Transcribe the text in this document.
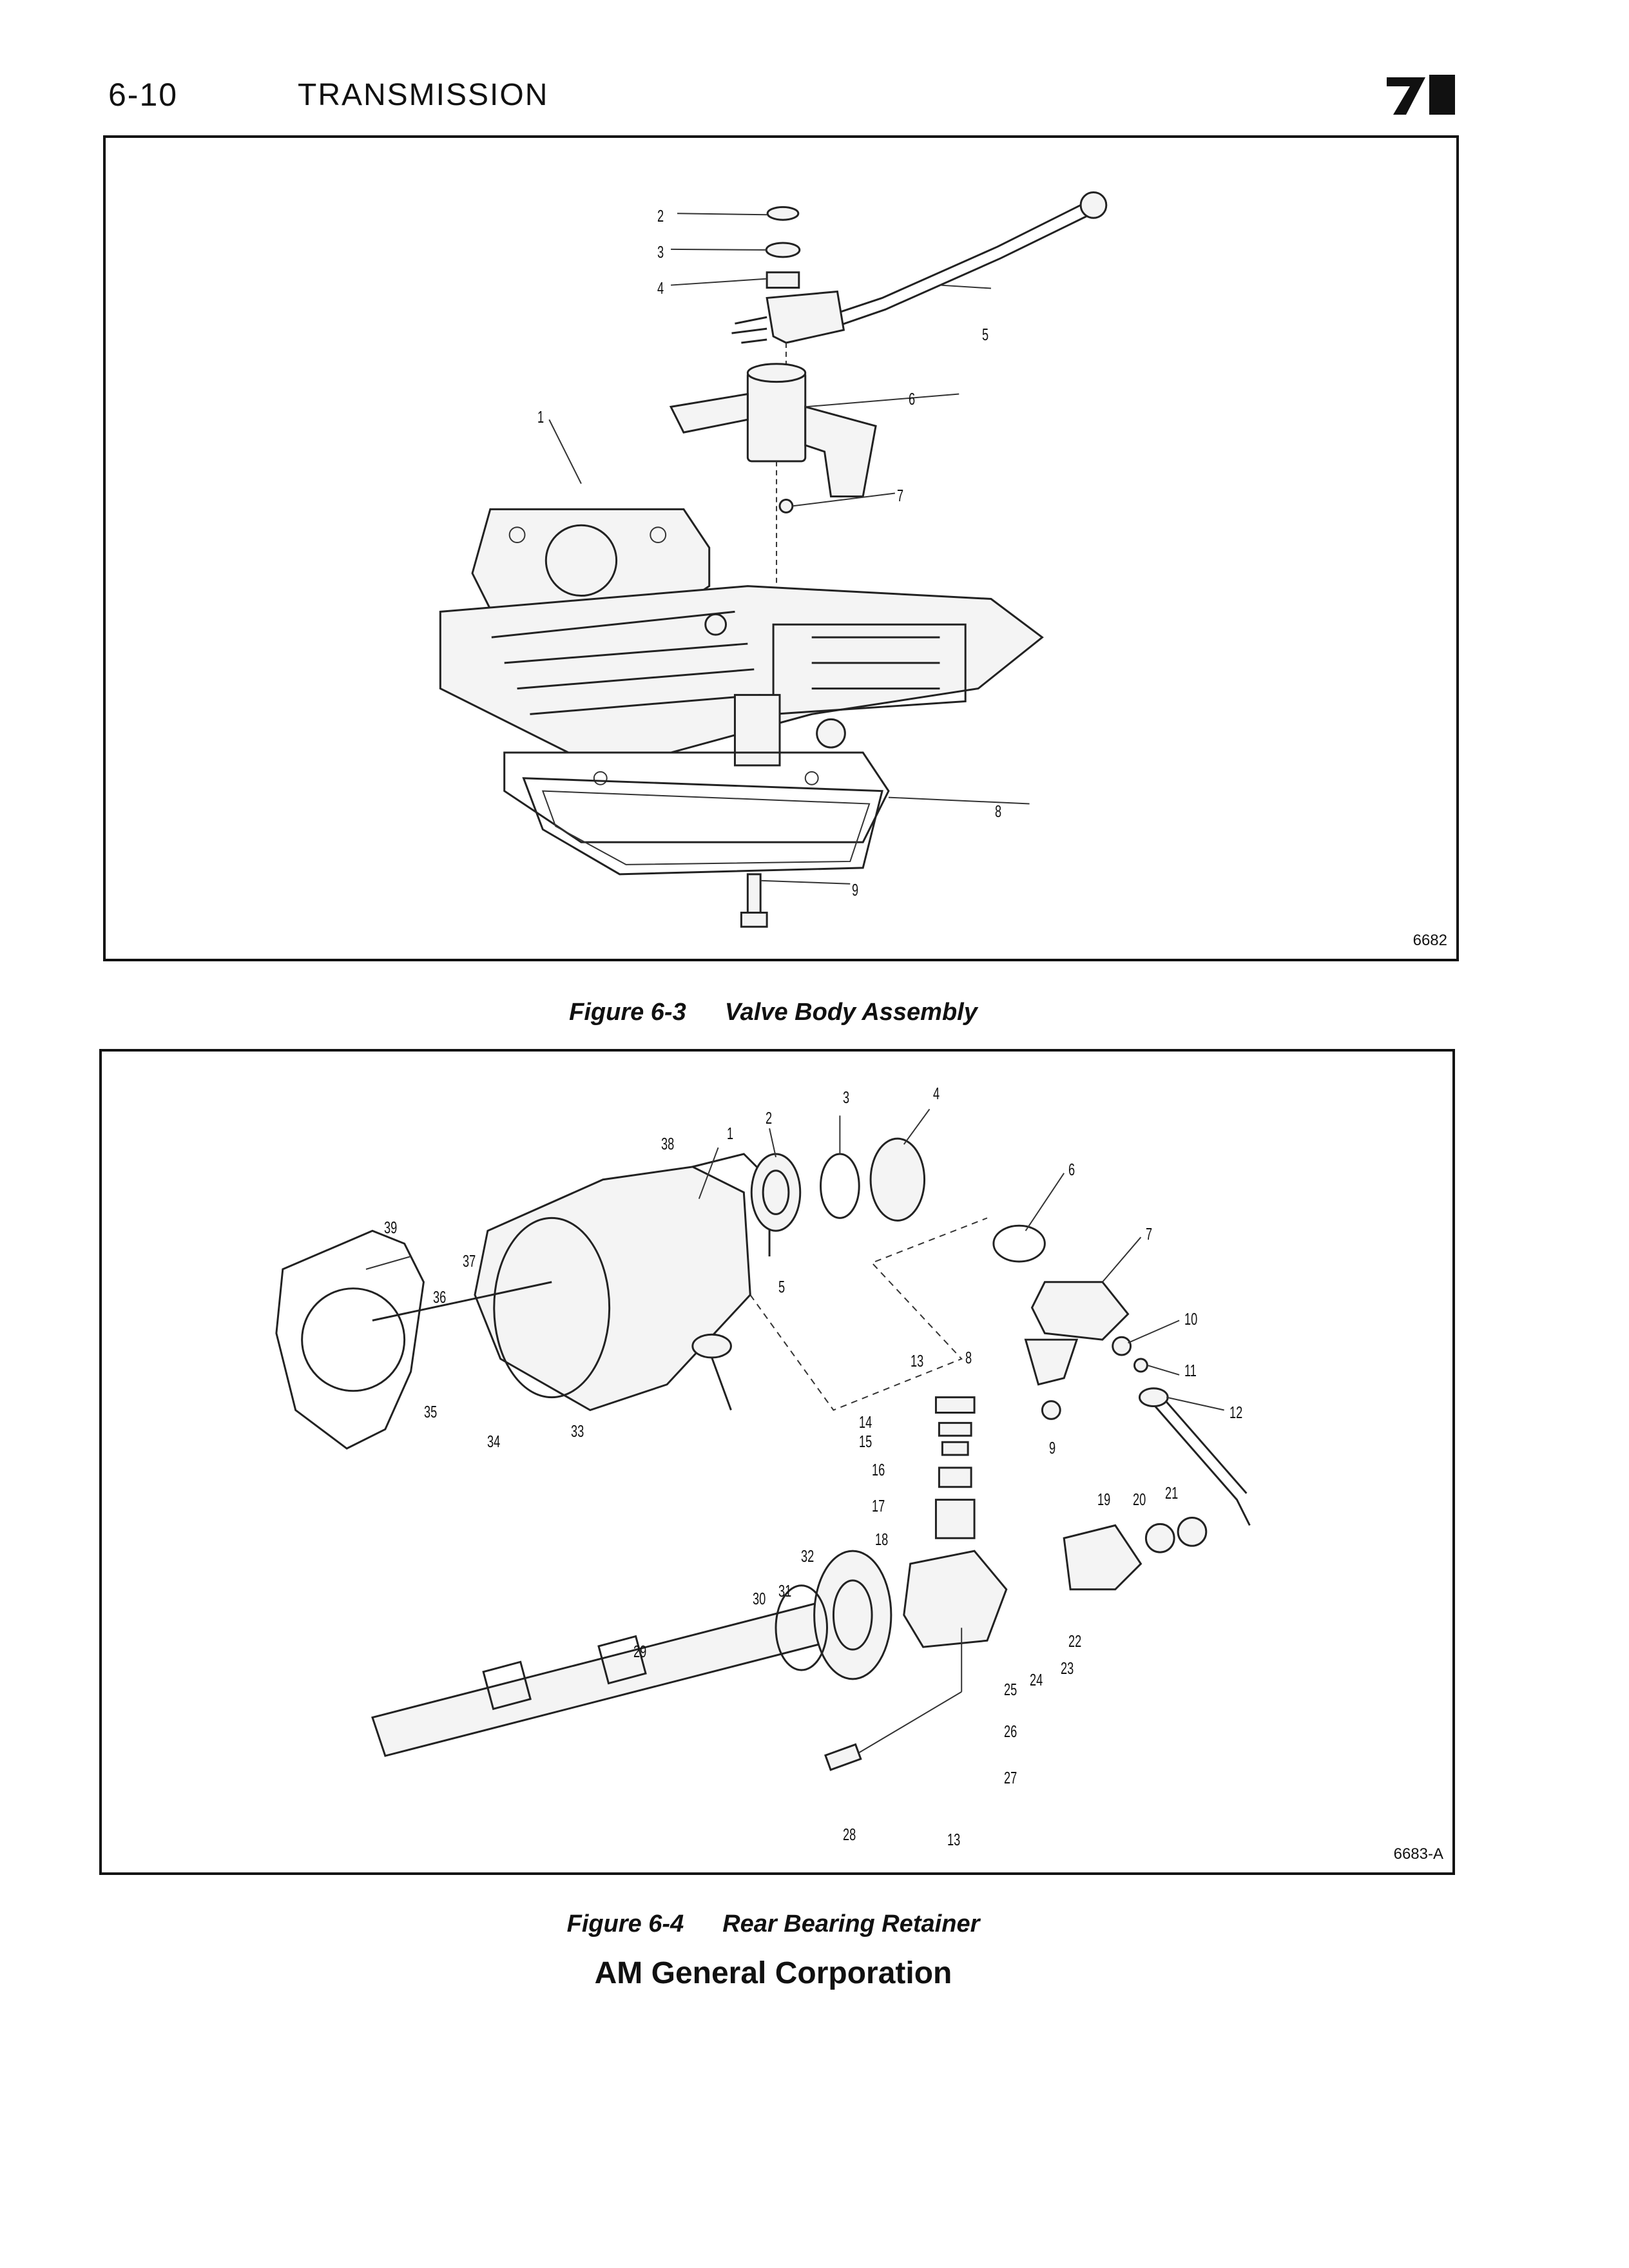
6-10	TRANSMISSION
2
3
4
5
6
7
1
8
9
6682
Figure 6-3 Valve Body Assembly
2
3	4
38
1
6
7
10
11
12
8
9
13
14
15
16
17
18
19 20 21
22
23
24
25
26
27
28	13
29
30 31
32
39
37
36
35
34
33
5
6683-A
Figure 6-4 Rear Bearing Retainer
AM General Corporation
